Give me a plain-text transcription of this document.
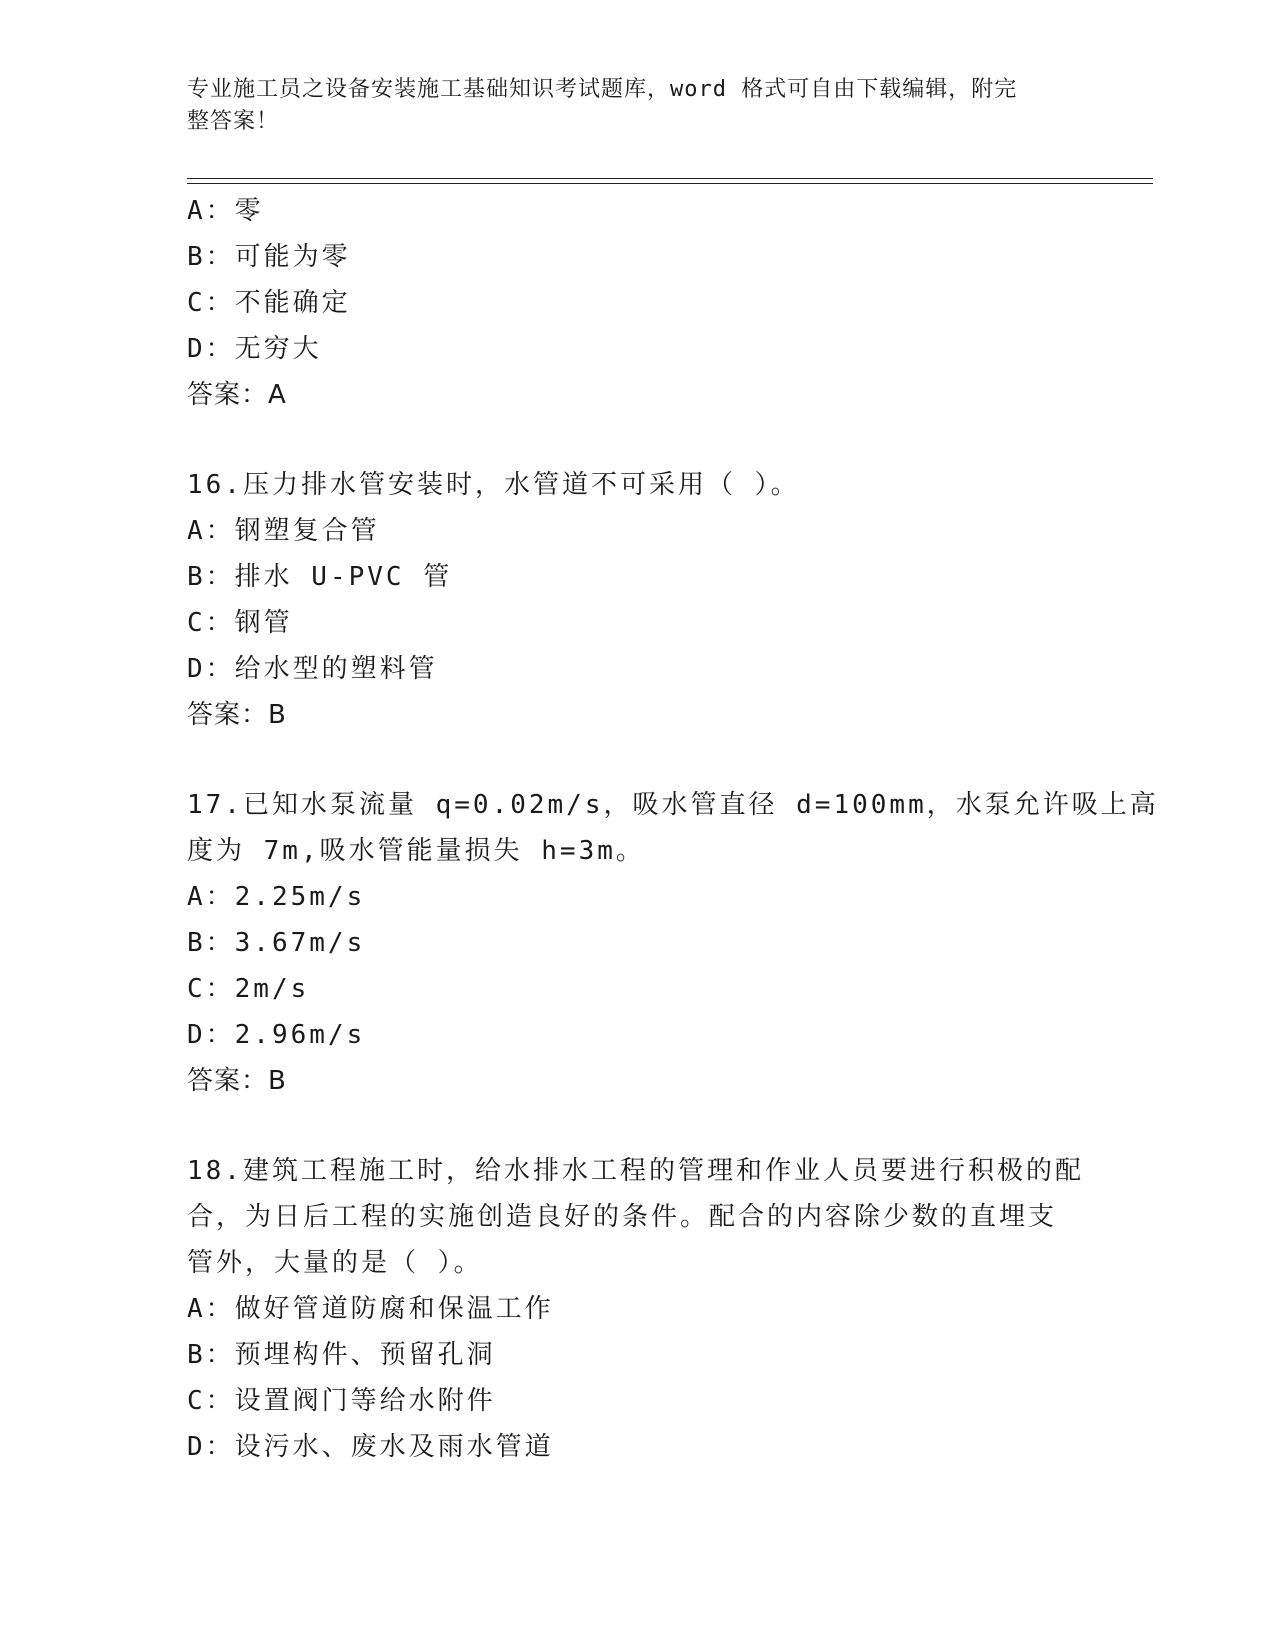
专业施工员之设备安装施工基础知识考试题库，word 格式可自由下载编辑，附完
整答案！
A：零
B：可能为零
C：不能确定
D：无穷大
答案：A
16.压力排水管安装时，水管道不可采用（ ）。
A：钢塑复合管
B：排水 U-PVC 管
C：钢管
D：给水型的塑料管
答案：B
17.已知水泵流量 q=0.02m/s，吸水管直径 d=100mm，水泵允许吸上高
度为 7m,吸水管能量损失 h=3m。
A：2.25m/s
B：3.67m/s
C：2m/s
D：2.96m/s
答案：B
18.建筑工程施工时，给水排水工程的管理和作业人员要进行积极的配
合，为日后工程的实施创造良好的条件。配合的内容除少数的直埋支
管外，大量的是（ ）。
A：做好管道防腐和保温工作
B：预埋构件、预留孔洞
C：设置阀门等给水附件
D：设污水、废水及雨水管道
